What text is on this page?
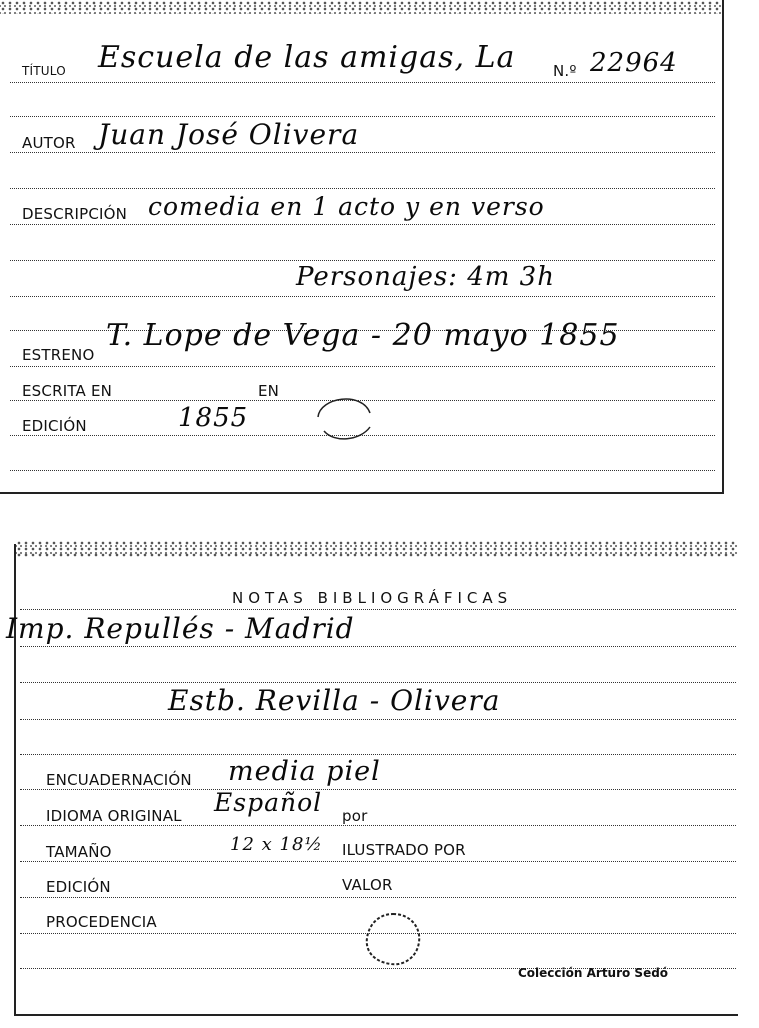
TÍTULO Escuela de las amigas, La	N.º 22964
AUTOR Juan José Olivera
DESCRIPCIÓN comedia en 1 acto y en verso
Personajes: 4m 3h
ESTRENO
T. Lope de Vega - 20 mayo 1855
ESCRITA EN	EN
EDICIÓN	1855
NOTAS BIBLIOGRÁFICAS
Imp. Repullés - Madrid
Estb. Revilla - Olivera
ENCUADERNACIÓN media piel
IDIOMA ORIGINAL Español por
TAMAÑO	12 x 18½ ILUSTRADO POR
EDICIÓN	VALOR
PROCEDENCIA
Colección Arturo Sedó
